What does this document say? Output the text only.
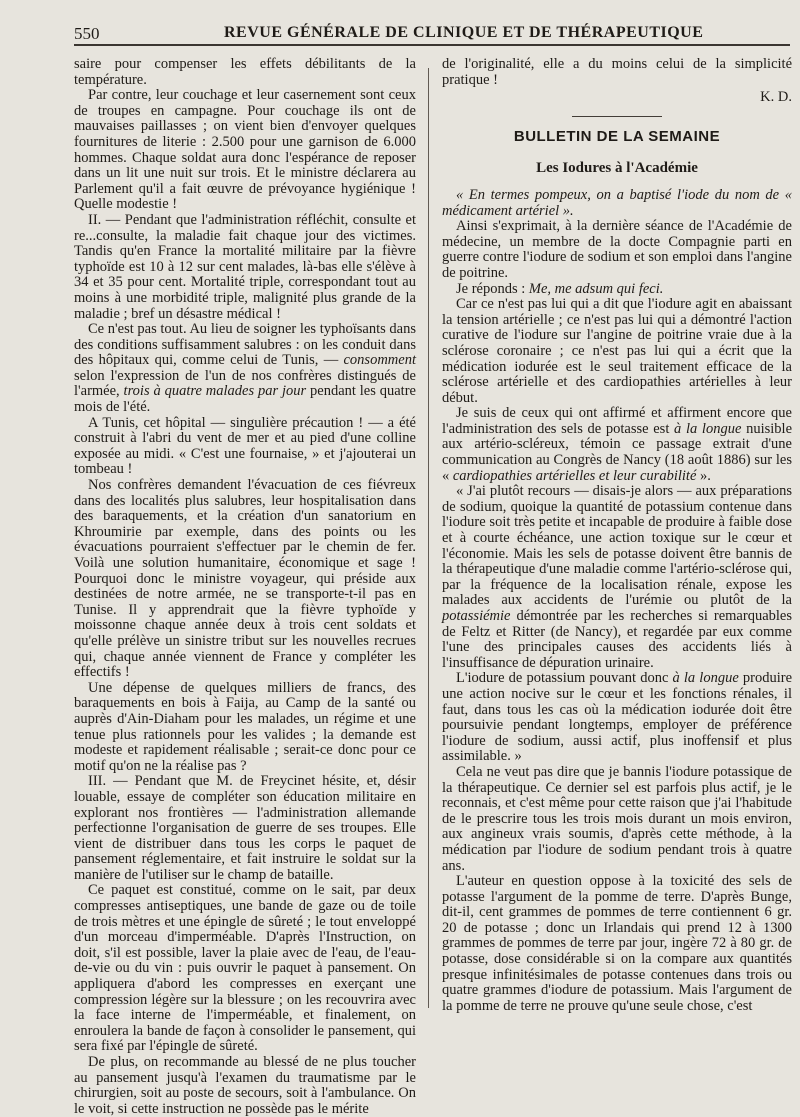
550	REVUE GÉNÉRALE DE CLINIQUE ET DE THÉRAPEUTIQUE

saire pour compenser les effets débilitants de la température.

Par contre, leur couchage et leur casernement sont ceux de troupes en campagne. Pour couchage ils ont de mauvaises paillasses ; on vient bien d'envoyer quelques fournitures de literie : 2.500 pour une garnison de 6.000 hommes. Chaque soldat aura donc l'espérance de reposer dans un lit une nuit sur trois. Et le ministre déclarera au Parlement qu'il a fait œuvre de prévoyance hygiénique ! Quelle modestie !

II. — Pendant que l'administration réfléchit, consulte et re...consulte, la maladie fait chaque jour des victimes. Tandis qu'en France la mortalité militaire par la fièvre typhoïde est 10 à 12 sur cent malades, là-bas elle s'élève à 34 et 35 pour cent. Mortalité triple, correspondant tout au moins à une morbidité triple, malignité plus grande de la maladie ; bref un désastre médical !

Ce n'est pas tout. Au lieu de soigner les typhoïsants dans des conditions suffisamment salubres : on les conduit dans des hôpitaux qui, comme celui de Tunis, — consomment selon l'expression de l'un de nos confrères distingués de l'armée, trois à quatre malades par jour pendant les quatre mois de l'été.

A Tunis, cet hôpital — singulière précaution ! — a été construit à l'abri du vent de mer et au pied d'une colline exposée au midi. « C'est une fournaise, » et j'ajouterai un tombeau !

Nos confrères demandent l'évacuation de ces fiévreux dans des localités plus salubres, leur hospitalisation dans des baraquements, et la création d'un sanatorium en Khroumirie par exemple, dans des points ou les évacuations pourraient s'effectuer par le chemin de fer. Voilà une solution humanitaire, économique et sage ! Pourquoi donc le ministre voyageur, qui préside aux destinées de notre armée, ne se transporte-t-il pas en Tunise. Il y apprendrait que la fièvre typhoïde y moissonne chaque année deux à trois cent soldats et qu'elle prélève un sinistre tribut sur les nouvelles recrues qui, chaque année viennent de France y compléter les effectifs !

Une dépense de quelques milliers de francs, des baraquements en bois à Faija, au Camp de la santé ou auprès d'Ain-Diaham pour les malades, un régime et une tenue plus rationnels pour les valides ; la demande est modeste et rapidement réalisable ; serait-ce donc pour ce motif qu'on ne la réalise pas ?

III. — Pendant que M. de Freycinet hésite, et, désir louable, essaye de compléter son éducation militaire en explorant nos frontières — l'administration allemande perfectionne l'organisation de guerre de ses troupes. Elle vient de distribuer dans tous les corps le paquet de pansement réglementaire, et fait instruire le soldat sur la manière de l'utiliser sur le champ de bataille.

Ce paquet est constitué, comme on le sait, par deux compresses antiseptiques, une bande de gaze ou de toile de trois mètres et une épingle de sûreté ; le tout enveloppé d'un morceau d'imperméable. D'après l'Instruction, on doit, s'il est possible, laver la plaie avec de l'eau, de l'eau-de-vie ou du vin : puis ouvrir le paquet à pansement. On appliquera d'abord les compresses en exerçant une compression légère sur la blessure ; on les recouvrira avec la face interne de l'imperméable, et finalement, on enroulera la bande de façon à consolider le pansement, qui sera fixé par l'épingle de sûreté.

De plus, on recommande au blessé de ne plus toucher au pansement jusqu'à l'examen du traumatisme par le chirurgien, soit au poste de secours, soit à l'ambulance. On le voit, si cette instruction ne possède pas le mérite

de l'originalité, elle a du moins celui de la simplicité pratique !

K. D.
BULLETIN DE LA SEMAINE
Les Iodures à l'Académie

« En termes pompeux, on a baptisé l'iode du nom de « médicament artériel ».

Ainsi s'exprimait, à la dernière séance de l'Académie de médecine, un membre de la docte Compagnie parti en guerre contre l'iodure de sodium et son emploi dans l'angine de poitrine.

Je réponds : Me, me adsum qui feci.

Car ce n'est pas lui qui a dit que l'iodure agit en abaissant la tension artérielle ; ce n'est pas lui qui a démontré l'action curative de l'iodure sur l'angine de poitrine vraie due à la sclérose coronaire ; ce n'est pas lui qui a écrit que la médication iodurée est le seul traitement efficace de la sclérose artérielle et des cardiopathies artérielles à leur début.

Je suis de ceux qui ont affirmé et affirment encore que l'administration des sels de potasse est à la longue nuisible aux artério-scléreux, témoin ce passage extrait d'une communication au Congrès de Nancy (18 août 1886) sur les « cardiopathies artérielles et leur curabilité ».

« J'ai plutôt recours — disais-je alors — aux préparations de sodium, quoique la quantité de potassium contenue dans l'iodure soit très petite et incapable de produire à faible dose et à courte échéance, une action toxique sur le cœur et l'économie. Mais les sels de potasse doivent être bannis de la thérapeutique d'une maladie comme l'artério-sclérose qui, par la fréquence de la localisation rénale, expose les malades aux accidents de l'urémie ou plutôt de la potassiémie démontrée par les recherches si remarquables de Feltz et Ritter (de Nancy), et regardée par eux comme l'une des principales causes des accidents liés à l'insuffisance de dépuration urinaire.

L'iodure de potassium pouvant donc à la longue produire une action nocive sur le cœur et les fonctions rénales, il faut, dans tous les cas où la médication iodurée doit être poursuivie pendant longtemps, employer de préférence l'iodure de sodium, aussi actif, plus inoffensif et plus assimilable. »

Cela ne veut pas dire que je bannis l'iodure potassique de la thérapeutique. Ce dernier sel est parfois plus actif, je le reconnais, et c'est même pour cette raison que j'ai l'habitude de le prescrire tous les trois mois durant un mois environ, aux angineux vrais soumis, d'après cette méthode, à la médication par l'iodure de sodium pendant trois à quatre ans.

L'auteur en question oppose à la toxicité des sels de potasse l'argument de la pomme de terre. D'après Bunge, dit-il, cent grammes de pommes de terre contiennent 6 gr. 20 de potasse ; donc un Irlandais qui prend 12 à 1300 grammes de pommes de terre par jour, ingère 72 à 80 gr. de potasse, dose considérable si on la compare aux quantités presque infinitésimales de potasse contenues dans trois ou quatre grammes d'iodure de potassium. Mais l'argument de la pomme de terre ne prouve qu'une seule chose, c'est
